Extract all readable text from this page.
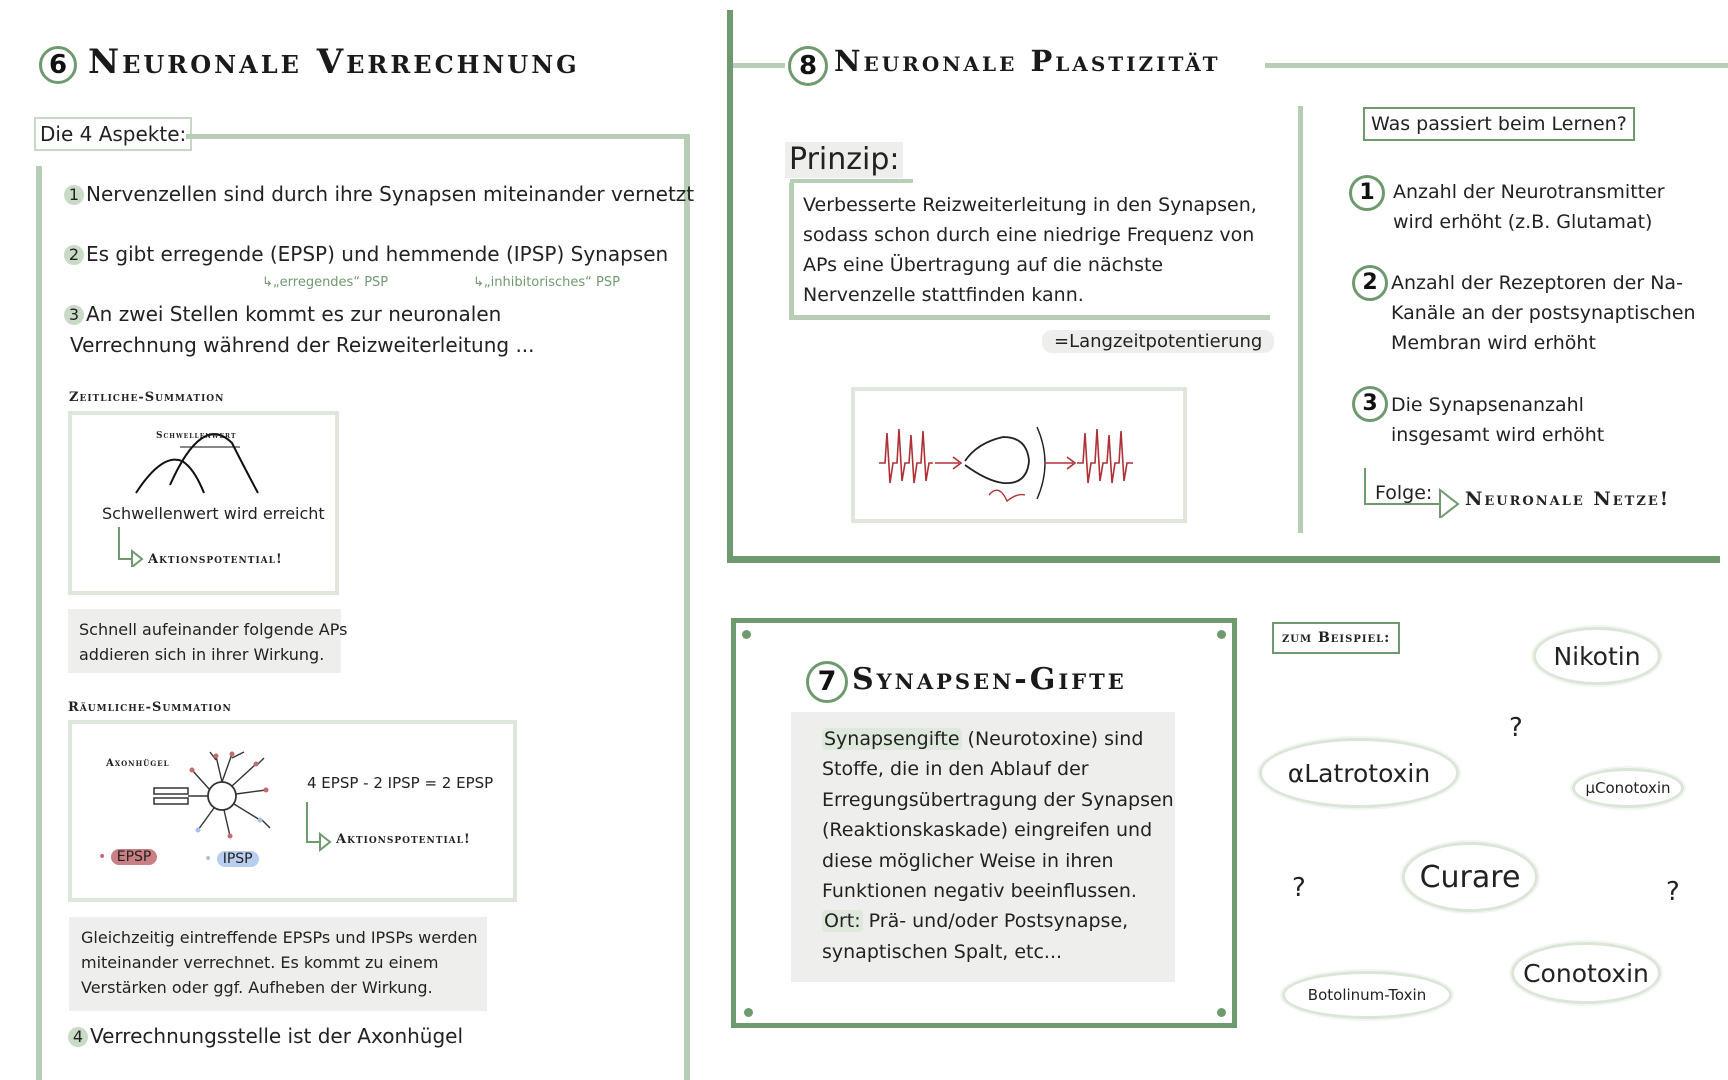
6 Neuronale Verrechnung
Die 4 Aspekte:
1 Nervenzellen sind durch ihre Synapsen miteinander vernetzt
2 Es gibt erregende (EPSP) und hemmende (IPSP) Synapsen
↳„erregendes“ PSP	↳„inhibitorisches“ PSP
3 An zwei Stellen kommt es zur neuronalen
Verrechnung während der Reizweiterleitung ...
Zeitliche-Summation
Schwellenwert
Schwellenwert wird erreicht
Aktionspotential!
Schnell aufeinander folgende APs
addieren sich in ihrer Wirkung.
Räumliche-Summation
Axonhügel
4 EPSP - 2 IPSP = 2 EPSP
Aktionspotential!
• EPSP	• IPSP
Gleichzeitig eintreffende EPSPs und IPSPs werden
miteinander verrechnet. Es kommt zu einem
Verstärken oder ggf. Aufheben der Wirkung.
4 Verrechnungsstelle ist der Axonhügel
8 Neuronale Plastizität
Prinzip:
Verbesserte Reizweiterleitung in den Synapsen,
sodass schon durch eine niedrige Frequenz von
APs eine Übertragung auf die nächste
Nervenzelle stattfinden kann.
=Langzeitpotentierung
Was passiert beim Lernen?
1 Anzahl der Neurotransmitter
wird erhöht (z.B. Glutamat)
2 Anzahl der Rezeptoren der Na-
Kanäle an der postsynaptischen
Membran wird erhöht
3 Die Synapsenanzahl
insgesamt wird erhöht
Folge: Neuronale Netze!
7 Synapsen-Gifte
Synapsengifte (Neurotoxine) sind
Stoffe, die in den Ablauf der
Erregungsübertragung der Synapsen
(Reaktionskaskade) eingreifen und
diese möglicher Weise in ihren
Funktionen negativ beeinflussen.
Ort: Prä- und/oder Postsynapse,
synaptischen Spalt, etc...
zum Beispiel:
Nikotin
α Latrotoxin
μ Conotoxin
Curare
Conotoxin
Botolinum-Toxin
?
?	?
